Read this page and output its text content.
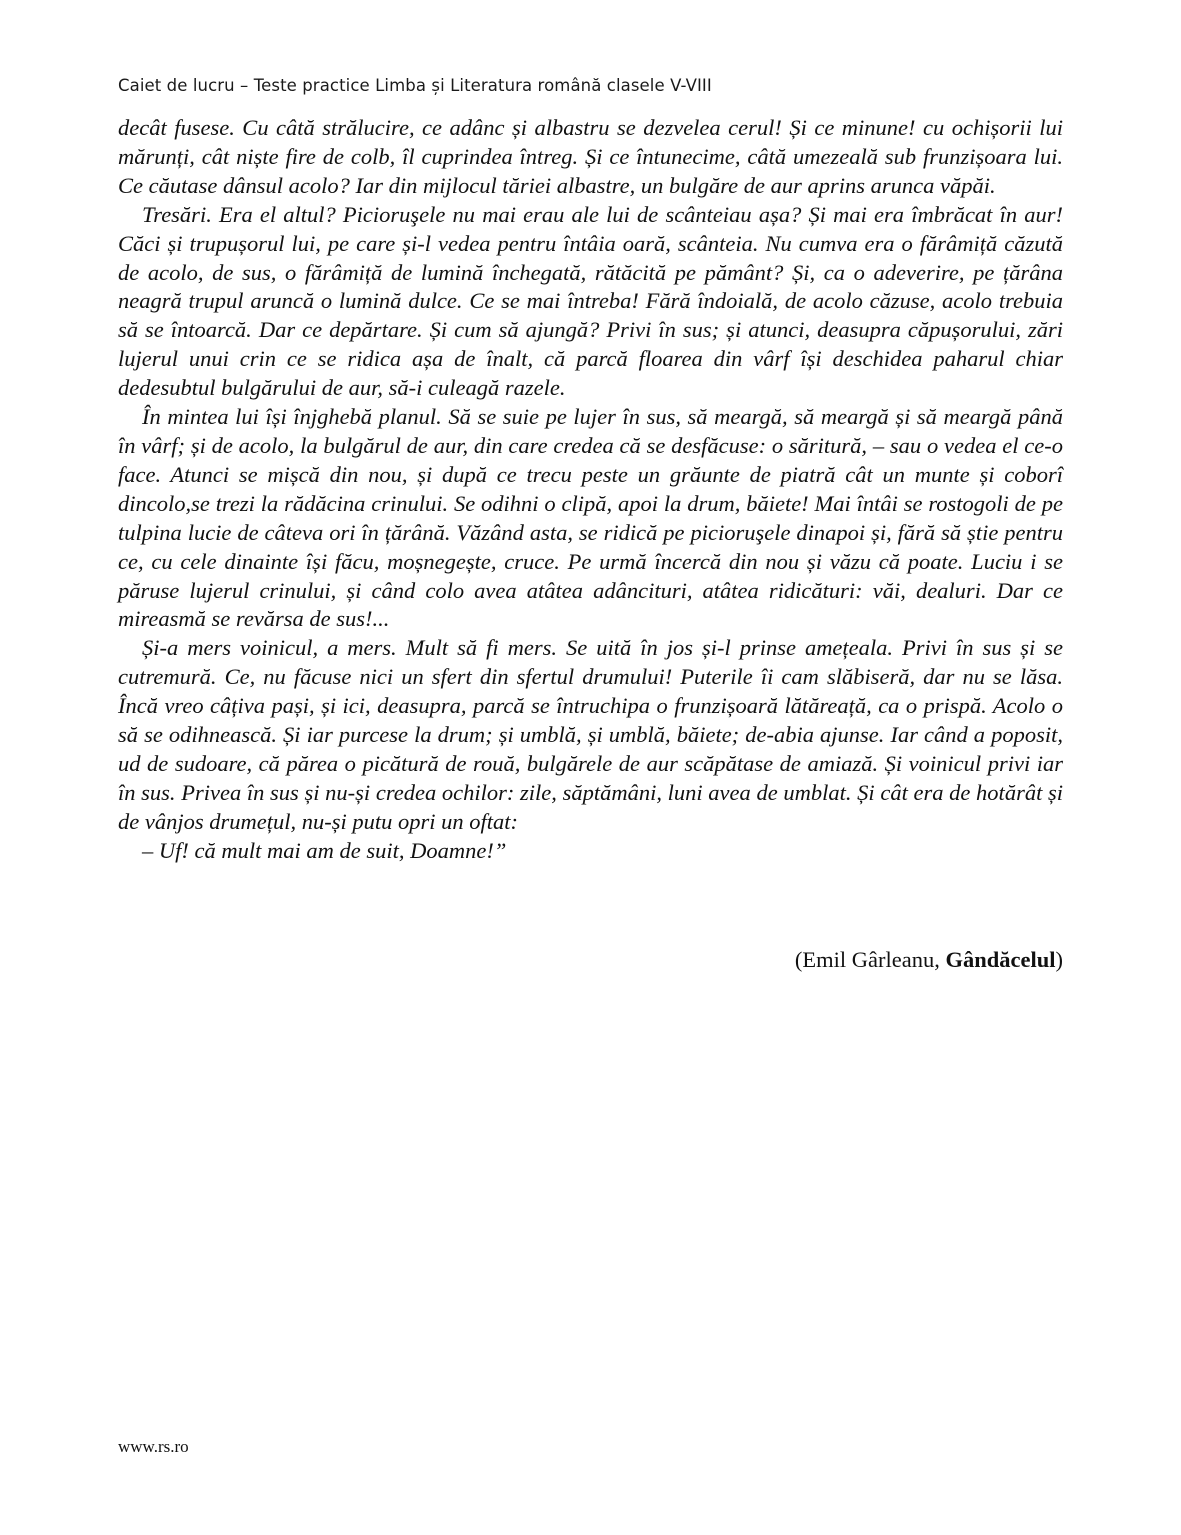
Caiet de lucru – Teste practice Limba și Literatura română clasele V-VIII

decât fusese. Cu câtă strălucire, ce adânc și albastru se dezvelea cerul! Și ce minune! cu ochișorii lui mărunți, cât niște fire de colb, îl cuprindea întreg. Și ce întunecime, câtă umezeală sub frunzișoara lui. Ce căutase dânsul acolo? Iar din mijlocul tăriei albastre, un bulgăre de aur aprins arunca văpăi.

Tresări. Era el altul? Picioruşele nu mai erau ale lui de scânteiau așa? Și mai era îmbrăcat în aur! Căci și trupușorul lui, pe care și-l vedea pentru întâia oară, scânteia. Nu cumva era o fărâmiță căzută de acolo, de sus, o fărâmiță de lumină închegată, rătăcită pe pământ? Și, ca o adeverire, pe țărâna neagră trupul aruncă o lumină dulce. Ce se mai întreba! Fără îndoială, de acolo căzuse, acolo trebuia să se întoarcă. Dar ce depărtare. Și cum să ajungă? Privi în sus; și atunci, deasupra căpușorului, zări lujerul unui crin ce se ridica așa de înalt, că parcă floarea din vârf își deschidea paharul chiar dedesubtul bulgărului de aur, să-i culeagă razele.

În mintea lui își înjghebă planul. Să se suie pe lujer în sus, să meargă, să meargă și să meargă până în vârf; și de acolo, la bulgărul de aur, din care credea că se desfăcuse: o săritură, – sau o vedea el ce-o face. Atunci se mișcă din nou, și după ce trecu peste un grăunte de piatră cât un munte și coborî dincolo,se trezi la rădăcina crinului. Se odihni o clipă, apoi la drum, băiete! Mai întâi se rostogoli de pe tulpina lucie de câteva ori în țărână. Văzând asta, se ridică pe picioruşele dinapoi și, fără să știe pentru ce, cu cele dinainte își făcu, moșnegește, cruce. Pe urmă încercă din nou și văzu că poate. Luciu i se păruse lujerul crinului, și când colo avea atâtea adâncituri, atâtea ridicături: văi, dealuri. Dar ce mireasmă se revărsa de sus!...

Și-a mers voinicul, a mers. Mult să fi mers. Se uită în jos și-l prinse amețeala. Privi în sus și se cutremură. Ce, nu făcuse nici un sfert din sfertul drumului! Puterile îi cam slăbiseră, dar nu se lăsa. Încă vreo câțiva pași, și ici, deasupra, parcă se întruchipa o frunzișoară lătăreață, ca o prispă. Acolo o să se odihnească. Și iar purcese la drum; și umblă, și umblă, băiete; de-abia ajunse. Iar când a poposit, ud de sudoare, că părea o picătură de rouă, bulgărele de aur scăpătase de amiază. Și voinicul privi iar în sus. Privea în sus și nu-și credea ochilor: zile, săptămâni, luni avea de umblat. Și cât era de hotărât și de vânjos drumețul, nu-și putu opri un oftat:

– Uf! că mult mai am de suit, Doamne!”

(Emil Gârleanu, Gândăcelul)
www.rs.ro
